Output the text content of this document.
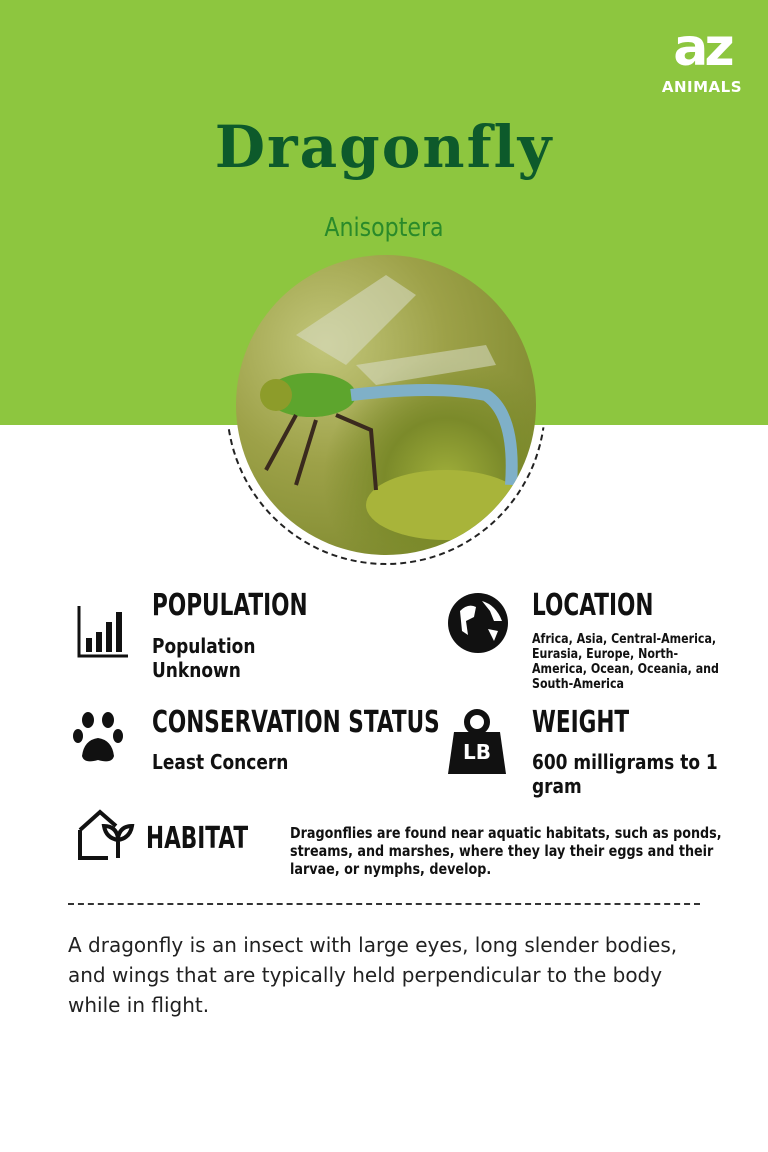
az
ANIMALS
Dragonfly
Anisoptera
POPULATION
Population Unknown
LOCATION
Africa, Asia, Central-America, Eurasia, Europe, North-America, Ocean, Oceania, and South-America
CONSERVATION STATUS
Least Concern	LB
WEIGHT
600 milligrams to 1 gram
HABITAT	Dragonflies are found near aquatic habitats, such as ponds, streams, and marshes, where they lay their eggs and their larvae, or nymphs, develop.
A dragonfly is an insect with large eyes, long slender bodies, and wings that are typically held perpendicular to the body while in flight.
